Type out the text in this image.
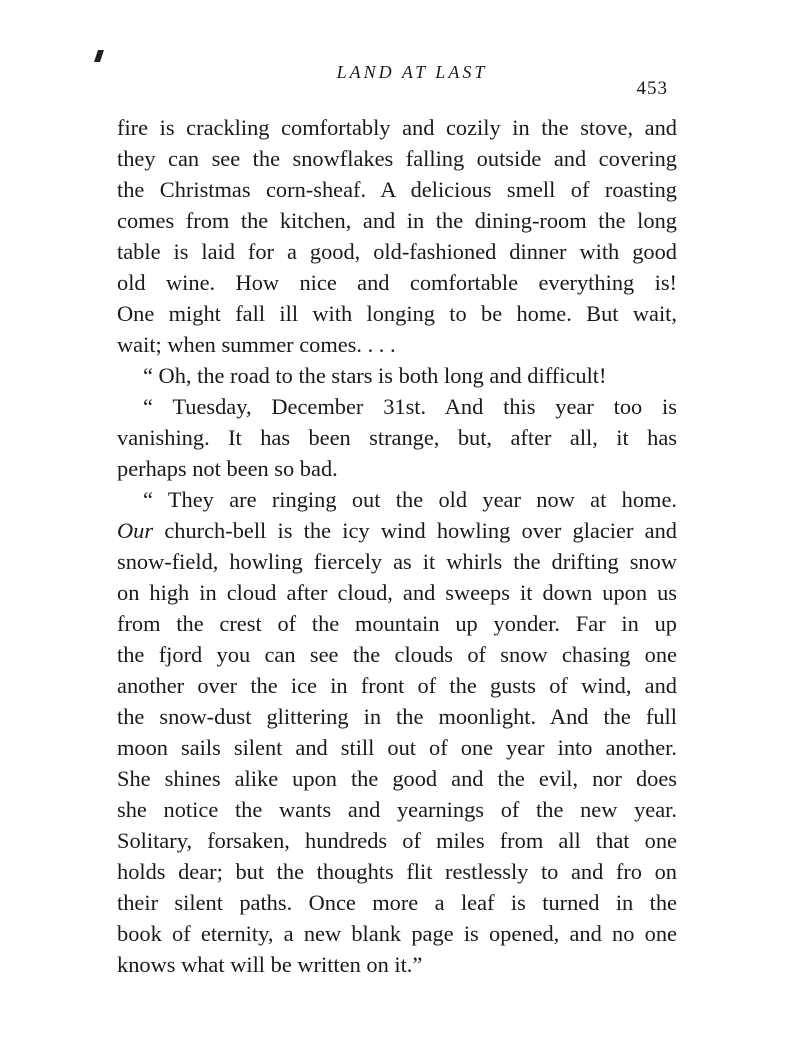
LAND AT LAST
453
fire is crackling comfortably and cozily in the stove, and
they can see the snowflakes falling outside and covering
the Christmas corn-sheaf. A delicious smell of roasting
comes from the kitchen, and in the dining-room the long
table is laid for a good, old-fashioned dinner with good
old wine. How nice and comfortable everything is!
One might fall ill with longing to be home. But wait,
wait; when summer comes. . . .
“ Oh, the road to the stars is both long and difficult!
“ Tuesday, December 31st. And this year too is
vanishing. It has been strange, but, after all, it has
perhaps not been so bad.
“ They are ringing out the old year now at home.
Our church-bell is the icy wind howling over glacier and
snow-field, howling fiercely as it whirls the drifting snow
on high in cloud after cloud, and sweeps it down upon us
from the crest of the mountain up yonder. Far in up
the fjord you can see the clouds of snow chasing one
another over the ice in front of the gusts of wind, and
the snow-dust glittering in the moonlight. And the full
moon sails silent and still out of one year into another.
She shines alike upon the good and the evil, nor does
she notice the wants and yearnings of the new year.
Solitary, forsaken, hundreds of miles from all that one
holds dear; but the thoughts flit restlessly to and fro on
their silent paths. Once more a leaf is turned in the
book of eternity, a new blank page is opened, and no one
knows what will be written on it.”
